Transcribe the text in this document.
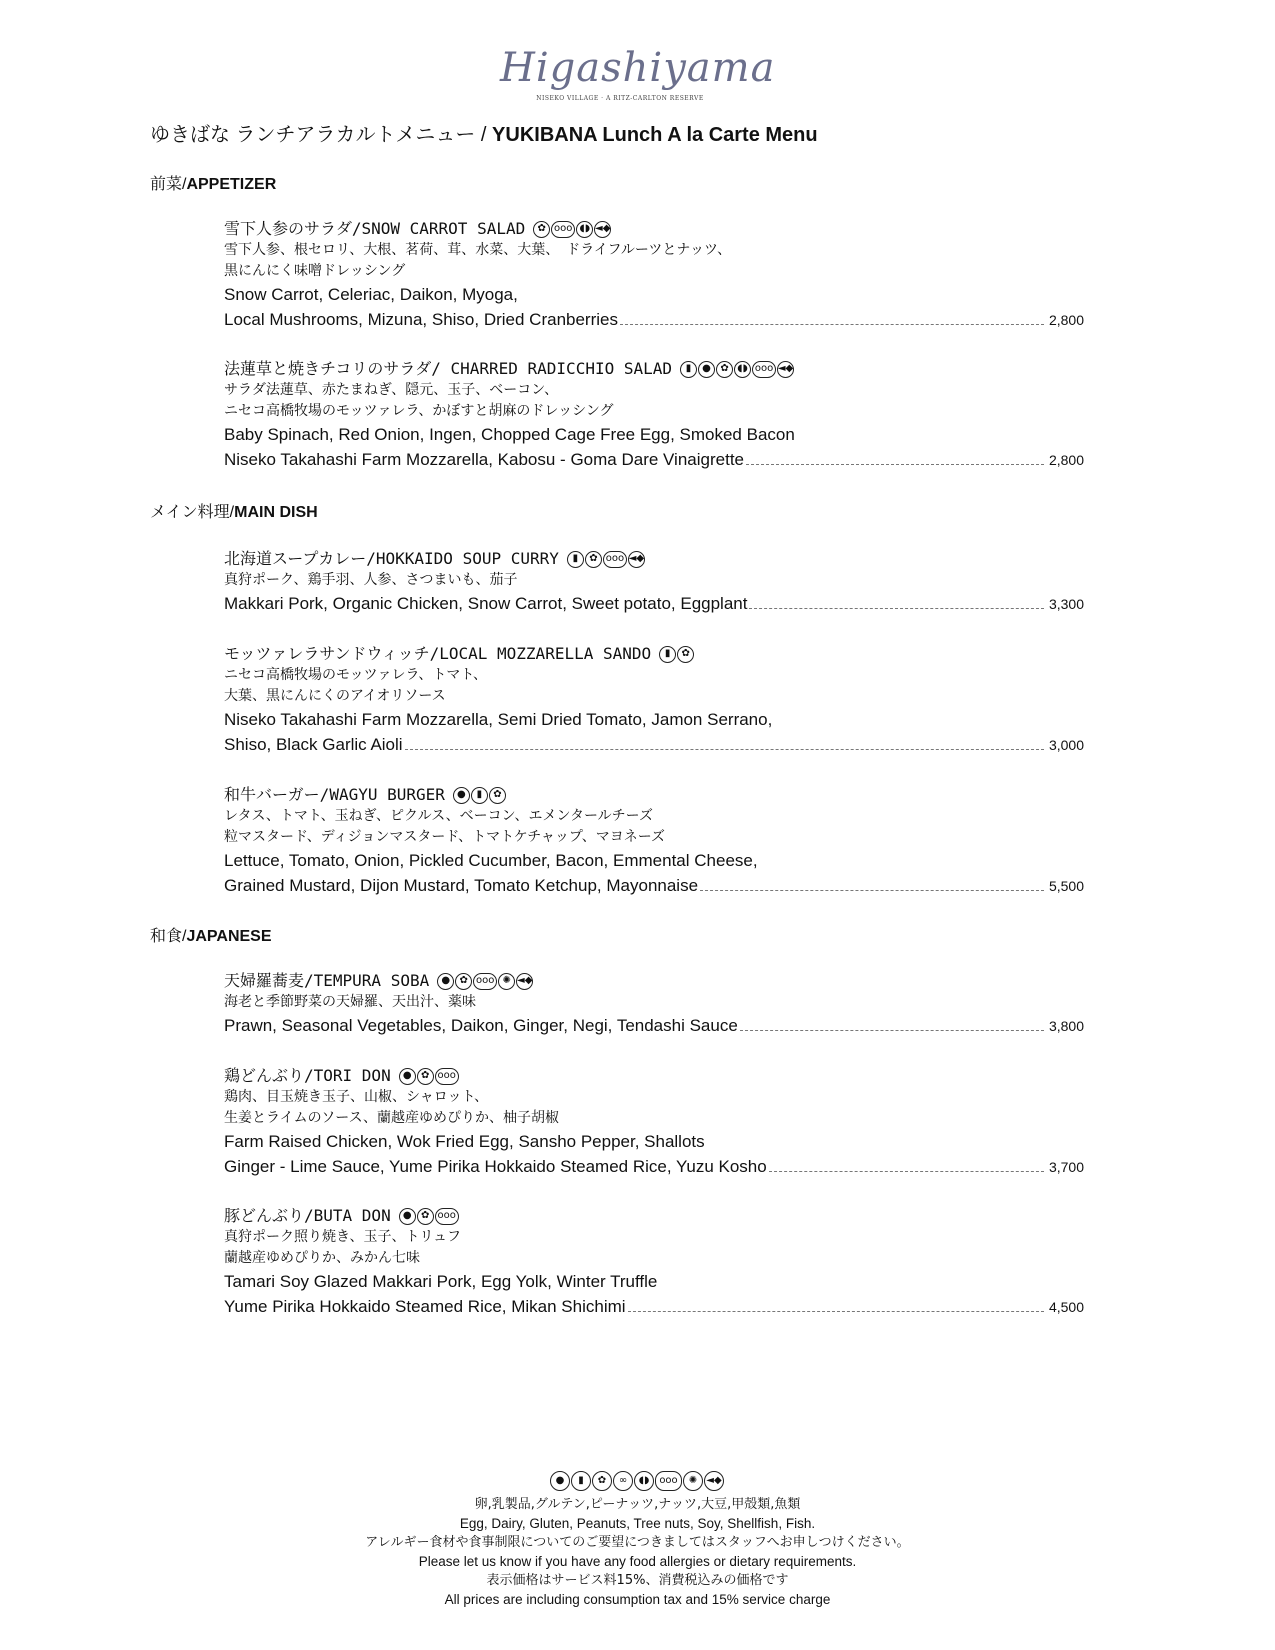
Higashiyama
NISEKO VILLAGE · A RITZ-CARLTON RESERVE
ゆきばな ランチアラカルトメニュー / YUKIBANA Lunch A la Carte Menu
前菜/APPETIZER
雪下人参のサラダ/SNOW CARROT SALAD	✿ ooo ◖◗ ◄◆
雪下人参、根セロリ、大根、茗荷、茸、水菜、大葉、　ドライフルーツとナッツ、
黒にんにく味噌ドレッシング
Snow Carrot, Celeriac, Daikon, Myoga,
Local Mushrooms, Mizuna, Shiso, Dried Cranberries	2,800
法蓮草と焼きチコリのサラダ/ CHARRED RADICCHIO SALAD	▮	● ✿ ◖◗ ooo ◄◆
サラダ法蓮草、赤たまねぎ、隠元、玉子、ベーコン、
ニセコ高橋牧場のモッツァレラ、かぼすと胡麻のドレッシング
Baby Spinach, Red Onion, Ingen, Chopped Cage Free Egg, Smoked Bacon
Niseko Takahashi Farm Mozzarella, Kabosu - Goma Dare Vinaigrette	2,800
メイン料理/MAIN DISH
北海道スープカレー/HOKKAIDO SOUP CURRY	▮	✿ ooo ◄◆
真狩ポーク、鶏手羽、人参、さつまいも、茄子
Makkari Pork, Organic Chicken, Snow Carrot, Sweet potato, Eggplant	3,300
モッツァレラサンドウィッチ/LOCAL MOZZARELLA SANDO	▮	✿
ニセコ高橋牧場のモッツァレラ、トマト、
大葉、黒にんにくのアイオリソース
Niseko Takahashi Farm Mozzarella, Semi Dried Tomato, Jamon Serrano,
Shiso, Black Garlic Aioli	3,000
和牛バーガー/WAGYU BURGER	●	▮	✿
レタス、トマト、玉ねぎ、ピクルス、ベーコン、エメンタールチーズ
粒マスタード、ディジョンマスタード、トマトケチャップ、マヨネーズ
Lettuce, Tomato, Onion, Pickled Cucumber, Bacon, Emmental Cheese,
Grained Mustard, Dijon Mustard, Tomato Ketchup, Mayonnaise	5,500
和食/JAPANESE
天婦羅蕎麦/TEMPURA SOBA	● ✿ ooo ✺ ◄◆
海老と季節野菜の天婦羅、天出汁、薬味
Prawn, Seasonal Vegetables, Daikon, Ginger, Negi, Tendashi Sauce	3,800
鶏どんぶり/TORI DON	● ✿ ooo
鶏肉、目玉焼き玉子、山椒、シャロット、
生姜とライムのソース、蘭越産ゆめぴりか、柚子胡椒
Farm Raised Chicken, Wok Fried Egg, Sansho Pepper, Shallots
Ginger - Lime Sauce, Yume Pirika Hokkaido Steamed Rice, Yuzu Kosho	3,700
豚どんぶり/BUTA DON	● ✿ ooo
真狩ポーク照り焼き、玉子、トリュフ
蘭越産ゆめぴりか、みかん七味
Tamari Soy Glazed Makkari Pork, Egg Yolk, Winter Truffle
Yume Pirika Hokkaido Steamed Rice, Mikan Shichimi	4,500
●	▮	✿	∞	◖◗	ooo	✺ ◄◆
卵,乳製品,グルテン,ピーナッツ,ナッツ,大豆,甲殻類,魚類
Egg, Dairy, Gluten, Peanuts, Tree nuts, Soy, Shellfish, Fish.
アレルギー食材や食事制限についてのご要望につきましてはスタッフへお申しつけください。
Please let us know if you have any food allergies or dietary requirements.
表示価格はサービス料15%、消費税込みの価格です
All prices are including consumption tax and 15% service charge
